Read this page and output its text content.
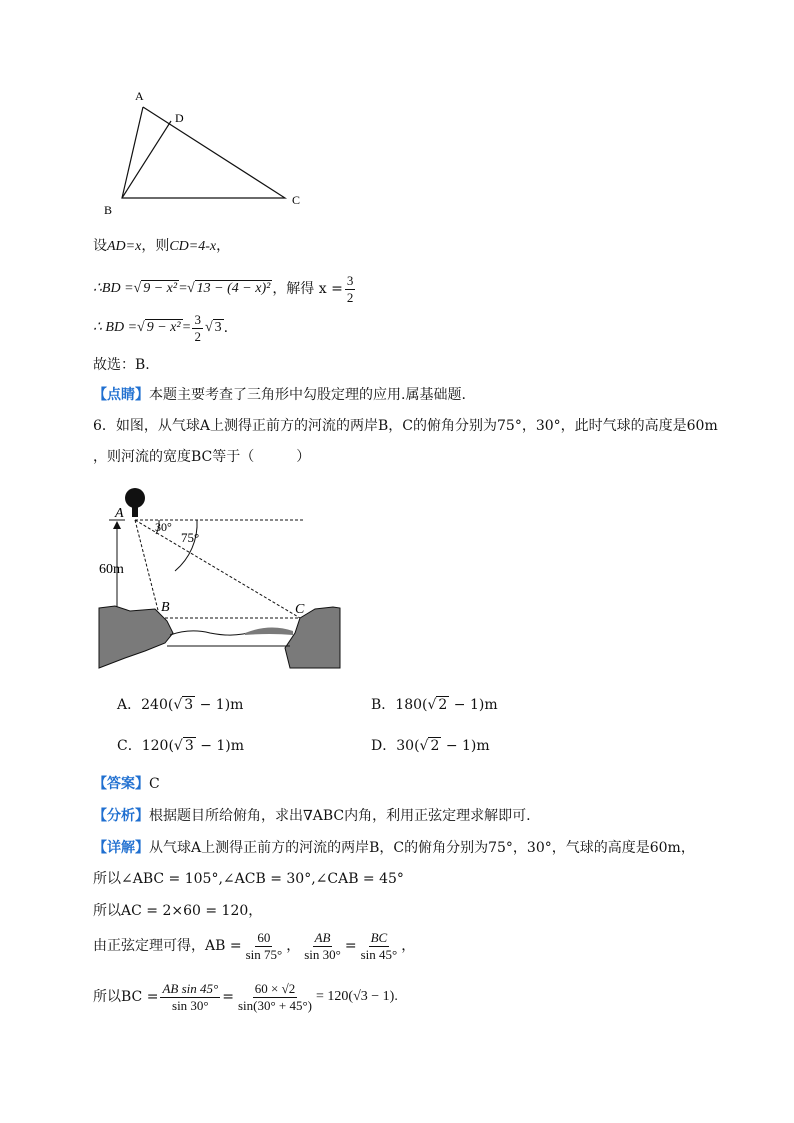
A
D
B
C
设AD=x，则CD=4-x，
∴BD = √ 9 − x² = √ 13 − (4 − x)² ，解得 $x = \frac{3}{2}$
∴ BD = √ $9 - x^2 = \frac{3}{2}$ √ 3 .
故选：B.
【点睛】本题主要考查了三角形中勾股定理的应用.属基础题.
6．如图，从气球A上测得正前方的河流的两岸B，C的俯角分别为75°，30°，此时气球的高度是60m
，则河流的宽度BC等于（　　　）
A
B	C
60m
30°
75°
A．240(√ 3 − 1)m	B．180(√ 2 − 1)m
C．120(√ 3 − 1)m	D．30(√ 2 − 1)m
【答案】C
【分析】根据题目所给俯角，求出∇ABC内角，利用正弦定理求解即可.
【详解】从气球A上测得正前方的河流的两岸B，C的俯角分别为75°，30°，气球的高度是60m，
所以∠ABC = 105°,∠ACB = 30°,∠CAB = 45°
所以AC = 2×60 = 120，
由正弦定理可得，AB = $\frac{60}{\sin 75^\circ}$ ， $\frac{AB}{\sin 30^\circ} = \frac{BC}{\sin 45^\circ}$ ，
所以BC = $\frac{\text{AB sin 45°}}{\sin 30^\circ} = \frac{60 \times √2}{\sin(30^\circ + 45^\circ)} = 120(√3 - 1)$.
